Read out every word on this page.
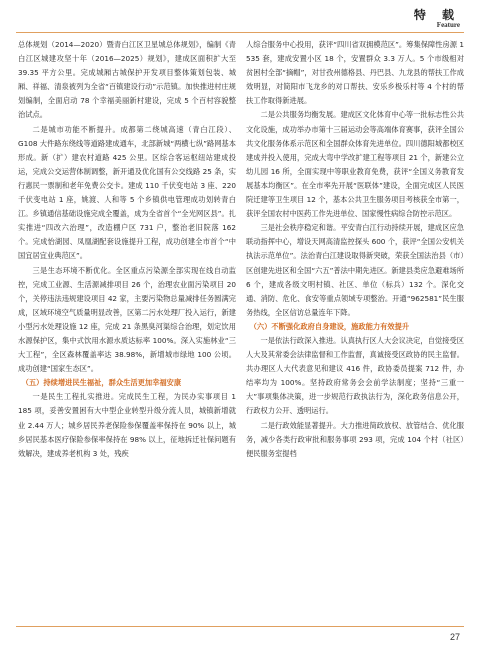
特 载
Feature

总体规划（2014—2020）暨青白江区卫星城总体规划》，编制《青白江区城建攻坚十年（2016—2025）规划》，建成区面积扩大至 39.35 平方公里。完成城厢古城保护开发项目整体策划包装、城厢、祥福、清泉被列为全省“百镇建设行动”示范镇。加快推进村庄规划编制，全面启动 78 个幸福美丽新村建设，完成 5 个百村容貌整治试点。

二是城市功能不断提升。成都第二绕城高速（青白江段）、G108 大件路东绕线等道路建成通车，北部新城“两横七纵”路网基本形成。新（扩）建农村道路 425 公里。区综合客运枢纽站建成投运，完成公交运营体制调整，新开通及优化国有公交线路 25 条，实行惠民一票制和老年免费公交卡。建成 110 千伏变电站 3 座、220 千伏变电站 1 座，姚渡、人和等 5 个乡镇供电管理成功划转青白江。乡镇通信基础设施完成全覆盖，成为全省首个“全光网区县”。扎实推进“四改六治理”，改造棚户区 731 户，整治老旧院落 162 个。完成怡湖园、凤凰湖配套设施提升工程，成功创建全市首个“中国宜居宜业典范区”。

三是生态环境不断优化。全区重点污染源全部实现在线自动监控，完成工业源、生活源减排项目 26 个，治理农业面污染项目 20 个，关停违法违规建设项目 42 家，主要污染物总量减排任务圆满完成，区域环境空气质量明显改善，区第二污水处理厂投入运行，新建小型污水处理设施 12 座，完成 21 条黑臭河渠综合治理，划定饮用水源保护区，集中式饮用水源水质达标率 100%。深入实施林业“三大工程”，全区森林覆盖率达 38.98%，新增城市绿地 100 公顷。成功创建“国家生态区”。

（五）持续增进民生福祉，群众生活更加幸福安康

一是民生工程扎实推进。完成民生工程，为民办实事项目 1 185 项，妥善安置困有大中型企业转型升级分流人员，城镇新增就业 2.44 万人；城乡居民养老保险参保覆盖率保持在 90% 以上，城乡居民基本医疗保险参保率保持在 98% 以上，征地拆迁社保问题有效解决，建成养老机构 3 处，残疾

人综合服务中心投用，获评“四川省双拥模范区”。筹集保障性房源 1 535 套，建成安置小区 18 个，安置群众 3.3 万人。5 个市级相对贫困村全部“摘帽”，对甘孜州德格县、丹巴县、九龙县的帮扶工作成效明显，对简阳市飞龙乡的对口帮扶、安乐乡极乐村等 4 个村的帮扶工作取得新进展。

二是公共服务均衡发展。建成区文化体育中心等一批标志性公共文化设施，成功举办市第十三届运动会等高端体育赛事，获评全国公共文化服务体系示范区和全国群众体育先进单位。四川德阳城都校区建成并投入使用，完成大弯中学改扩建工程等项目 21 个，新建公立幼儿园 16 所，全面实现中等职业教育免费，获评“全国义务教育发展基本均衡区”。在全市率先开展“医联体”建设，全面完成区人民医院迁建等卫生项目 12 个，基本公共卫生服务项目考核获全市第一，获评全国农村中医药工作先进单位、国家慢性病综合防控示范区。

三是社会秩序稳定和谐。平安青白江行动持续开展，建成区应急联动指挥中心，增设天网高清监控探头 600 个，获评“全国公安机关执法示范单位”。法治青白江建设取得新突破，荣获全国法治县（市）区创建先进区和全国“六五”普法中期先进区。新建县类应急避难场所 6 个，建成各级文明村镇、社区、单位（标兵）132 个。深化交通、消防、危化、食安等重点领域专项整治。开通“962581”民生服务热线，全区信访总量连年下降。

（六）不断强化政府自身建设，施政能力有效提升

一是依法行政深入推进。认真执行区人大会议决定，自觉接受区人大及其常委会法律监督和工作监督，真诚接受区政协的民主监督。共办理区人大代表意见和建议 416 件，政协委员提案 712 件，办结率均为 100%。坚持政府常务会会前学法制度；坚持“三重一大”事项集体决策，进一步规范行政执法行为，深化政务信息公开，行政权力公开、透明运行。

二是行政效能显著提升。大力推进简政放权、放管结合、优化服务，减少各类行政审批和服务事项 293 项，完成 104 个村（社区）便民服务室提档

27
